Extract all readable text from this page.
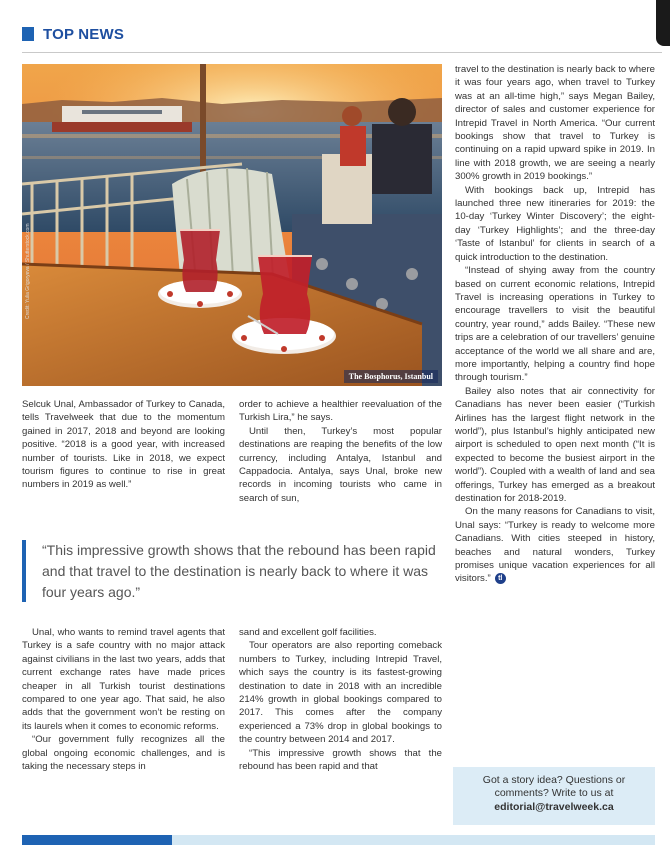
TOP NEWS
Credit: Yulia Grigoryeva / Shutterstock.com
The Bosphorus, Istanbul

Selcuk Unal, Ambassador of Turkey to Canada, tells Travelweek that due to the momentum gained in 2017, 2018 and beyond are looking positive. “2018 is a good year, with increased number of tourists. Like in 2018, we expect tourism figures to continue to rise in great numbers in 2019 as well.”

order to achieve a healthier reevaluation of the Turkish Lira,” he says.

Until then, Turkey’s most popular destinations are reaping the benefits of the low currency, including Antalya, Istanbul and Cappadocia. Antalya, says Unal, broke new records in incoming tourists who came in search of sun,

“This impressive growth shows that the rebound has been rapid and that travel to the destination is nearly back to where it was four years ago.”

Unal, who wants to remind travel agents that Turkey is a safe country with no major attack against civilians in the last two years, adds that current exchange rates have made prices cheaper in all Turkish tourist destinations compared to one year ago. That said, he also adds that the government won’t be resting on its laurels when it comes to economic reforms.

“Our government fully recognizes all the global ongoing economic challenges, and is taking the necessary steps in

sand and excellent golf facilities.

Tour operators are also reporting comeback numbers to Turkey, including Intrepid Travel, which says the country is its fastest-growing destination to date in 2018 with an incredible 214% growth in global bookings compared to 2017. This comes after the company experienced a 73% drop in global bookings to the country between 2014 and 2017.

“This impressive growth shows that the rebound has been rapid and that

travel to the destination is nearly back to where it was four years ago, when travel to Turkey was at an all-time high,” says Megan Bailey, director of sales and customer experience for Intrepid Travel in North America. “Our current bookings show that travel to Turkey is continuing on a rapid upward spike in 2019. In line with 2018 growth, we are seeing a nearly 300% growth in 2019 bookings.”

With bookings back up, Intrepid has launched three new itineraries for 2019: the 10-day ‘Turkey Winter Discovery’; the eight-day ‘Turkey Highlights’; and the three-day ‘Taste of Istanbul’ for clients in search of a quick introduction to the destination.

“Instead of shying away from the country based on current economic relations, Intrepid Travel is increasing operations in Turkey to encourage travellers to visit the beautiful country, year round,” adds Bailey. “These new trips are a celebration of our travellers’ genuine acceptance of the world we all share and are, more importantly, helping a country find hope through tourism.”

Bailey also notes that air connectivity for Canadians has never been easier (“Turkish Airlines has the largest flight network in the world”), plus Istanbul’s highly anticipated new airport is scheduled to open next month (“It is expected to become the busiest airport in the world”). Coupled with a wealth of land and sea offerings, Turkey has emerged as a breakout destination for 2018-2019.

On the many reasons for Canadians to visit, Unal says: “Turkey is ready to welcome more Canadians. With cities steeped in history, beaches and natural wonders, Turkey promises unique vacation experiences for all visitors.” tl

Got a story idea? Questions or
comments? Write to us at
editorial@travelweek.ca
